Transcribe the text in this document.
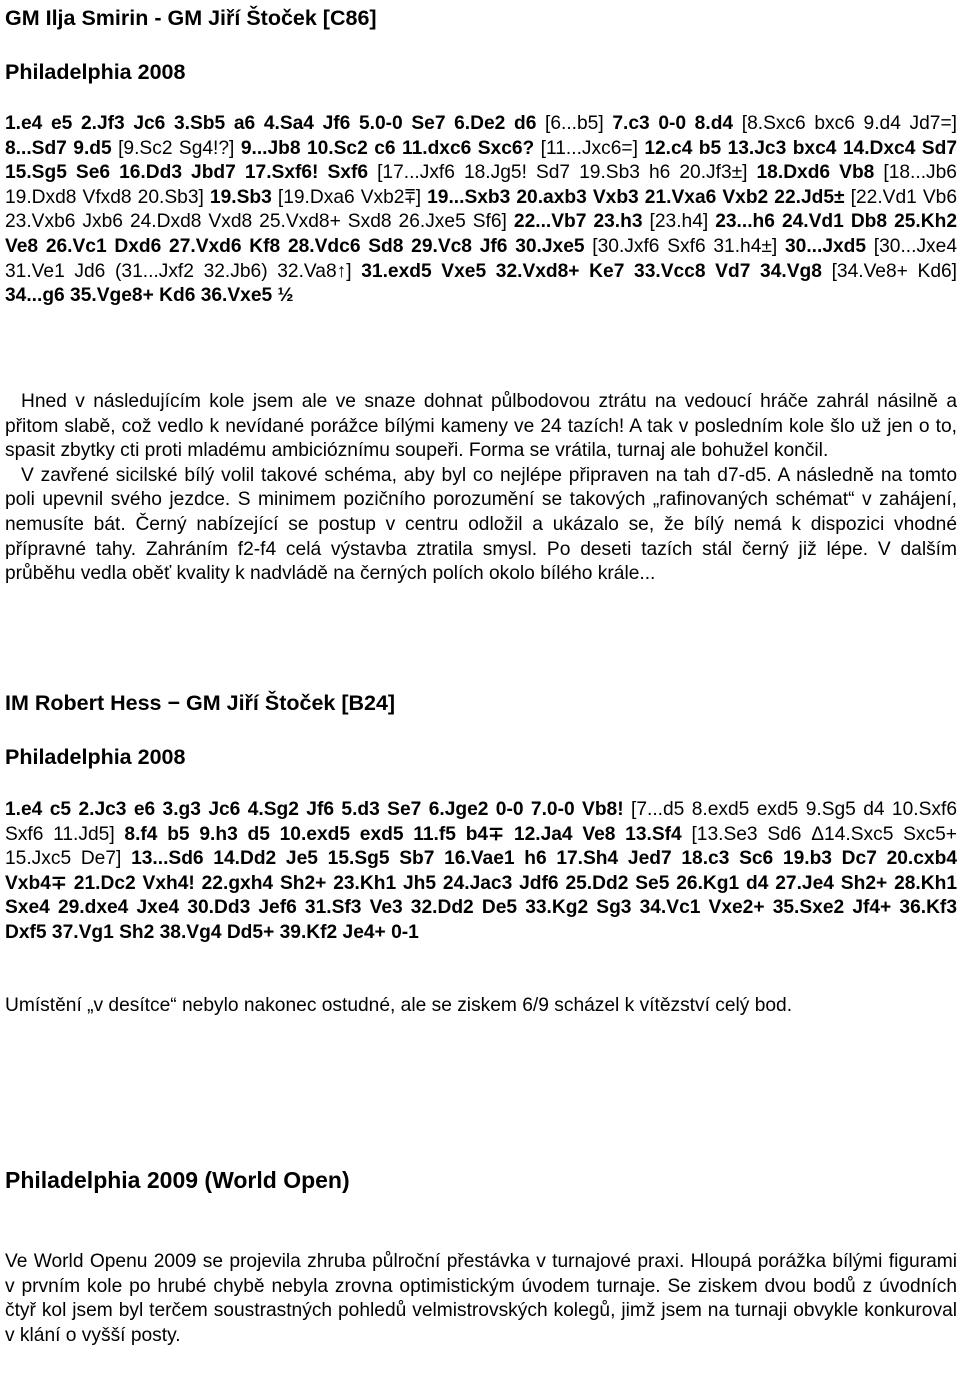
GM Ilja Smirin - GM Jiří Štoček [C86]
Philadelphia 2008
1.e4 e5 2.Jf3 Jc6 3.Sb5 a6 4.Sa4 Jf6 5.0-0 Se7 6.De2 d6 [6...b5] 7.c3 0-0 8.d4 [8.Sxc6 bxc6 9.d4 Jd7=] 8...Sd7 9.d5 [9.Sc2 Sg4!?] 9...Jb8 10.Sc2 c6 11.dxc6 Sxc6? [11...Jxc6=] 12.c4 b5 13.Jc3 bxc4 14.Dxc4 Sd7 15.Sg5 Se6 16.Dd3 Jbd7 17.Sxf6! Sxf6 [17...Jxf6 18.Jg5! Sd7 19.Sb3 h6 20.Jf3±] 18.Dxd6 Vb8 [18...Jb6 19.Dxd8 Vfxd8 20.Sb3] 19.Sb3 [19.Dxa6 Vxb2⩱] 19...Sxb3 20.axb3 Vxb3 21.Vxa6 Vxb2 22.Jd5± [22.Vd1 Vb6 23.Vxb6 Jxb6 24.Dxd8 Vxd8 25.Vxd8+ Sxd8 26.Jxe5 Sf6] 22...Vb7 23.h3 [23.h4] 23...h6 24.Vd1 Db8 25.Kh2 Ve8 26.Vc1 Dxd6 27.Vxd6 Kf8 28.Vdc6 Sd8 29.Vc8 Jf6 30.Jxe5 [30.Jxf6 Sxf6 31.h4±] 30...Jxd5 [30...Jxe4 31.Ve1 Jd6 (31...Jxf2 32.Jb6) 32.Va8↑] 31.exd5 Vxe5 32.Vxd8+ Ke7 33.Vcc8 Vd7 34.Vg8 [34.Ve8+ Kd6] 34...g6 35.Vge8+ Kd6 36.Vxe5 ½
Hned v následujícím kole jsem ale ve snaze dohnat půlbodovou ztrátu na vedoucí hráče zahrál násilně a přitom slabě, což vedlo k nevídané porážce bílými kameny ve 24 tazích! A tak v posledním kole šlo už jen o to, spasit zbytky cti proti mladému ambicióznímu soupeři. Forma se vrátila, turnaj ale bohužel končil.
V zavřené sicilské bílý volil takové schéma, aby byl co nejlépe připraven na tah d7-d5. A následně na tomto poli upevnil svého jezdce. S minimem pozičního porozumění se takových „rafinovaných schémat“ v zahájení, nemusíte bát. Černý nabízející se postup v centru odložil a ukázalo se, že bílý nemá k dispozici vhodné přípravné tahy. Zahráním f2-f4 celá výstavba ztratila smysl. Po deseti tazích stál černý již lépe. V dalším průběhu vedla oběť kvality k nadvládě na černých polích okolo bílého krále...
IM Robert Hess − GM Jiří Štoček [B24]
Philadelphia 2008
1.e4 c5 2.Jc3 e6 3.g3 Jc6 4.Sg2 Jf6 5.d3 Se7 6.Jge2 0-0 7.0-0 Vb8! [7...d5 8.exd5 exd5 9.Sg5 d4 10.Sxf6 Sxf6 11.Jd5] 8.f4 b5 9.h3 d5 10.exd5 exd5 11.f5 b4∓ 12.Ja4 Ve8 13.Sf4 [13.Se3 Sd6 Δ14.Sxc5 Sxc5+ 15.Jxc5 De7] 13...Sd6 14.Dd2 Je5 15.Sg5 Sb7 16.Vae1 h6 17.Sh4 Jed7 18.c3 Sc6 19.b3 Dc7 20.cxb4 Vxb4∓ 21.Dc2 Vxh4! 22.gxh4 Sh2+ 23.Kh1 Jh5 24.Jac3 Jdf6 25.Dd2 Se5 26.Kg1 d4 27.Je4 Sh2+ 28.Kh1 Sxe4 29.dxe4 Jxe4 30.Dd3 Jef6 31.Sf3 Ve3 32.Dd2 De5 33.Kg2 Sg3 34.Vc1 Vxe2+ 35.Sxe2 Jf4+ 36.Kf3 Dxf5 37.Vg1 Sh2 38.Vg4 Dd5+ 39.Kf2 Je4+ 0-1
Umístění „v desítce“ nebylo nakonec ostudné, ale se ziskem 6/9 scházel k vítězství celý bod.
Philadelphia 2009 (World Open)
Ve World Openu 2009 se projevila zhruba půlroční přestávka v turnajové praxi. Hloupá porážka bílými figurami v prvním kole po hrubé chybě nebyla zrovna optimistickým úvodem turnaje. Se ziskem dvou bodů z úvodních čtyř kol jsem byl terčem soustrastných pohledů velmistrovských kolegů, jimž jsem na turnaji obvykle konkuroval v klání o vyšší posty.
